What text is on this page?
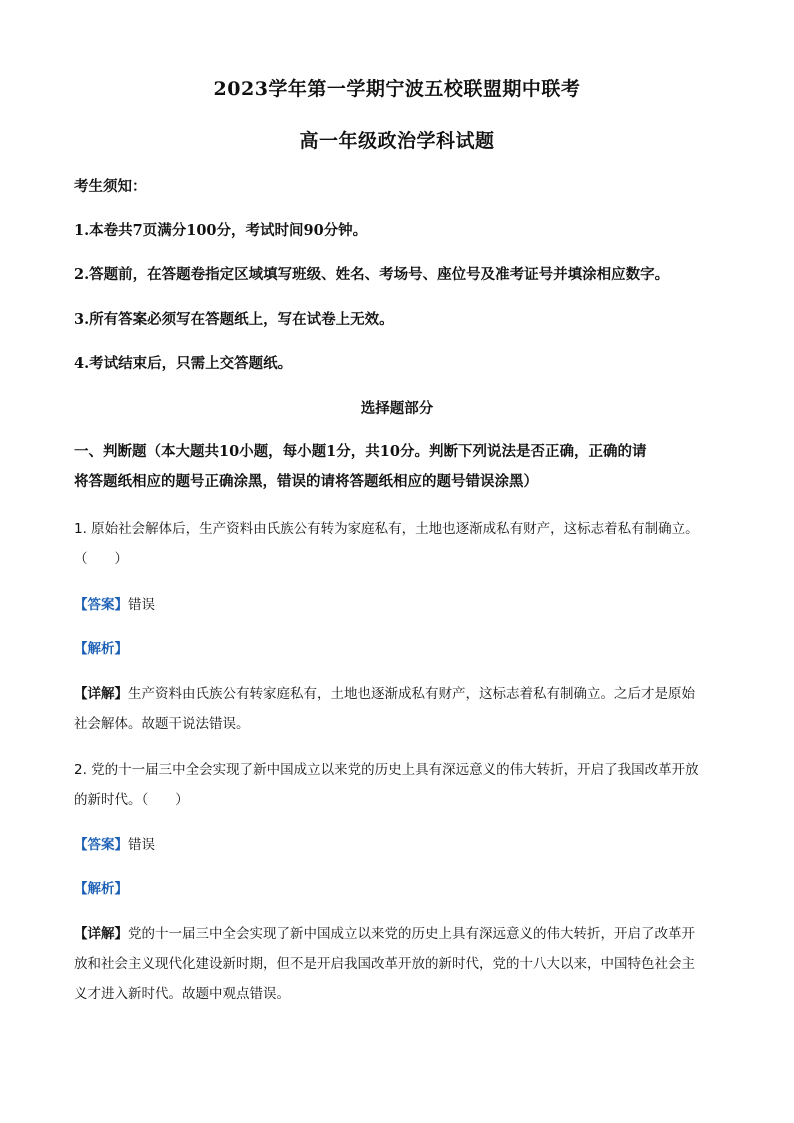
2023学年第一学期宁波五校联盟期中联考
高一年级政治学科试题
考生须知：
1.本卷共7页满分100分，考试时间90分钟。
2.答题前，在答题卷指定区域填写班级、姓名、考场号、座位号及准考证号并填涂相应数字。
3.所有答案必须写在答题纸上，写在试卷上无效。
4.考试结束后，只需上交答题纸。
选择题部分
一、判断题（本大题共10小题，每小题1分，共10分。判断下列说法是否正确，正确的请
将答题纸相应的题号正确涂黑，错误的请将答题纸相应的题号错误涂黑）
1. 原始社会解体后，生产资料由氏族公有转为家庭私有，土地也逐渐成私有财产，这标志着私有制确立。
（　　）
【答案】错误
【解析】
【详解】生产资料由氏族公有转家庭私有，土地也逐渐成私有财产，这标志着私有制确立。之后才是原始
社会解体。故题干说法错误。
2. 党的十一届三中全会实现了新中国成立以来党的历史上具有深远意义的伟大转折，开启了我国改革开放
的新时代。（　　）
【答案】错误
【解析】
【详解】党的十一届三中全会实现了新中国成立以来党的历史上具有深远意义的伟大转折，开启了改革开
放和社会主义现代化建设新时期，但不是开启我国改革开放的新时代，党的十八大以来，中国特色社会主
义才进入新时代。故题中观点错误。
